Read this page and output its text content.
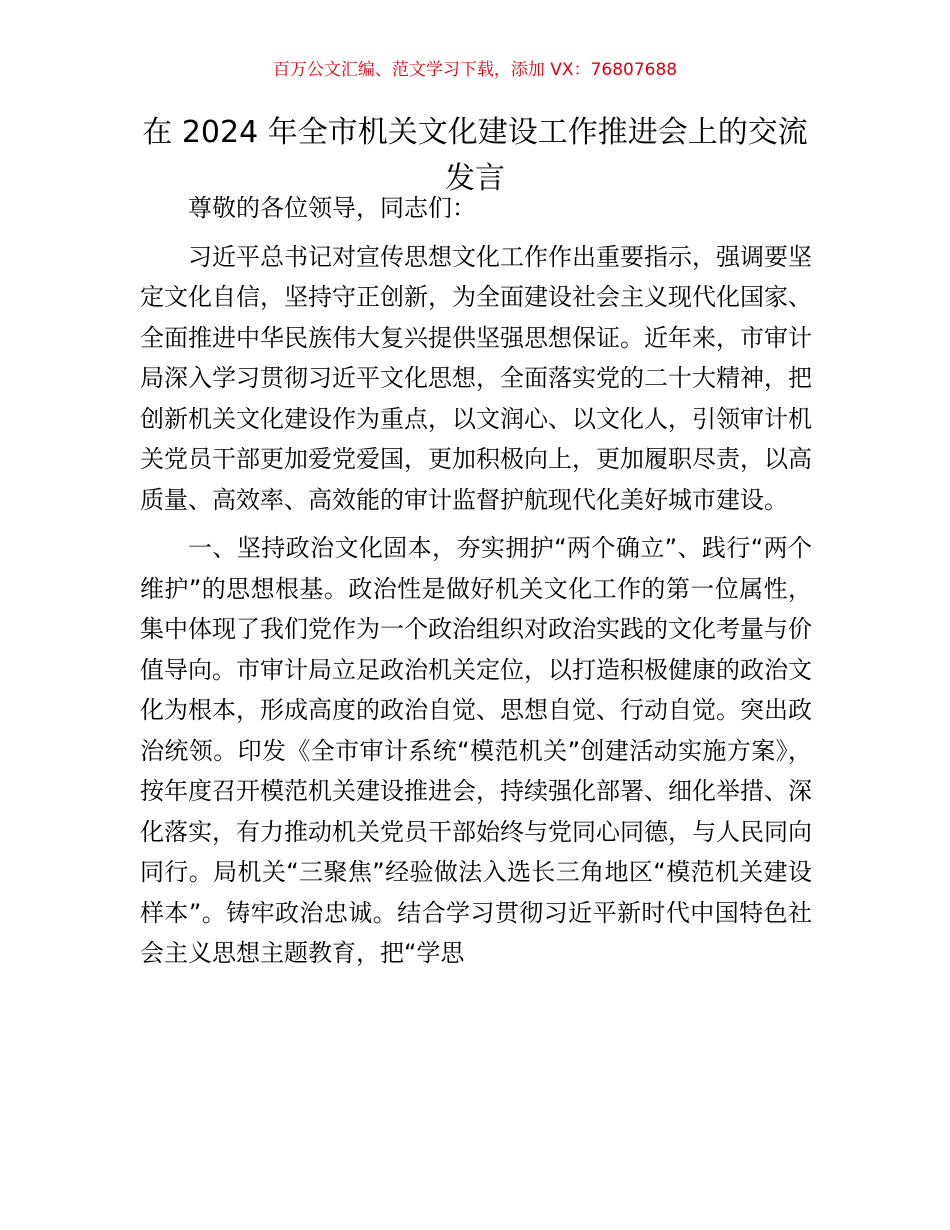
百万公文汇编、范文学习下载，添加 VX：76807688
在 2024 年全市机关文化建设工作推进会上的交流发言

尊敬的各位领导，同志们：

习近平总书记对宣传思想文化工作作出重要指示，强调要坚定文化自信，坚持守正创新，为全面建设社会主义现代化国家、全面推进中华民族伟大复兴提供坚强思想保证。近年来，市审计局深入学习贯彻习近平文化思想，全面落实党的二十大精神，把创新机关文化建设作为重点，以文润心、以文化人，引领审计机关党员干部更加爱党爱国，更加积极向上，更加履职尽责，以高质量、高效率、高效能的审计监督护航现代化美好城市建设。

一、坚持政治文化固本，夯实拥护“两个确立”、践行“两个维护”的思想根基。政治性是做好机关文化工作的第一位属性，集中体现了我们党作为一个政治组织对政治实践的文化考量与价值导向。市审计局立足政治机关定位，以打造积极健康的政治文化为根本，形成高度的政治自觉、思想自觉、行动自觉。突出政治统领。印发《全市审计系统“模范机关”创建活动实施方案》，按年度召开模范机关建设推进会，持续强化部署、细化举措、深化落实，有力推动机关党员干部始终与党同心同德，与人民同向同行。局机关“三聚焦”经验做法入选长三角地区“模范机关建设样本”。铸牢政治忠诚。结合学习贯彻习近平新时代中国特色社会主义思想主题教育，把“学思
